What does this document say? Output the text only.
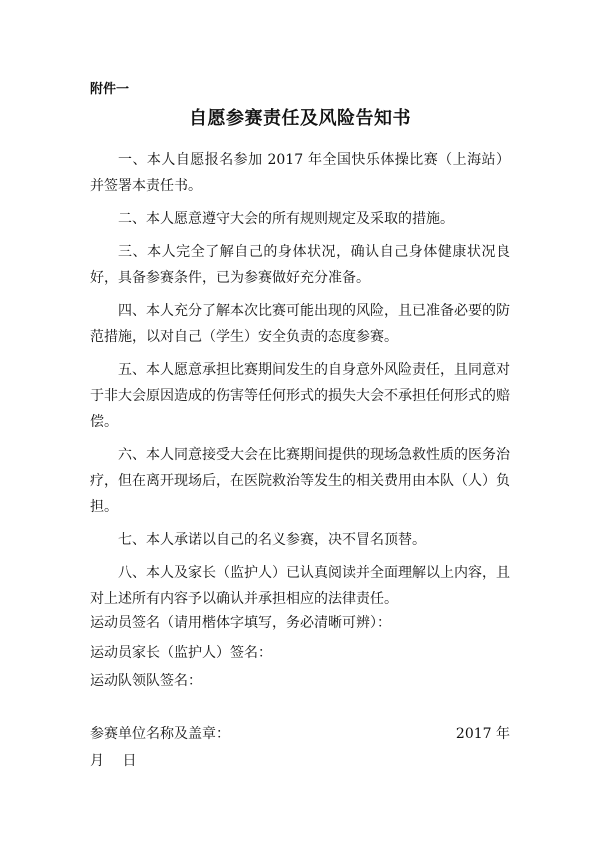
附件一
自愿参赛责任及风险告知书

一、本人自愿报名参加 2017 年全国快乐体操比赛（上海站）并签署本责任书。

二、本人愿意遵守大会的所有规则规定及采取的措施。

三、本人完全了解自己的身体状况，确认自己身体健康状况良好，具备参赛条件，已为参赛做好充分准备。

四、本人充分了解本次比赛可能出现的风险，且已准备必要的防范措施，以对自己（学生）安全负责的态度参赛。

五、本人愿意承担比赛期间发生的自身意外风险责任，且同意对于非大会原因造成的伤害等任何形式的损失大会不承担任何形式的赔偿。

六、本人同意接受大会在比赛期间提供的现场急救性质的医务治疗，但在离开现场后，在医院救治等发生的相关费用由本队（人）负担。

七、本人承诺以自己的名义参赛，决不冒名顶替。

八、本人及家长（监护人）已认真阅读并全面理解以上内容，且对上述所有内容予以确认并承担相应的法律责任。

运动员签名（请用楷体字填写，务必清晰可辨）：
运动员家长（监护人）签名：
运动队领队签名：
参赛单位名称及盖章：	2017 年
月 日
